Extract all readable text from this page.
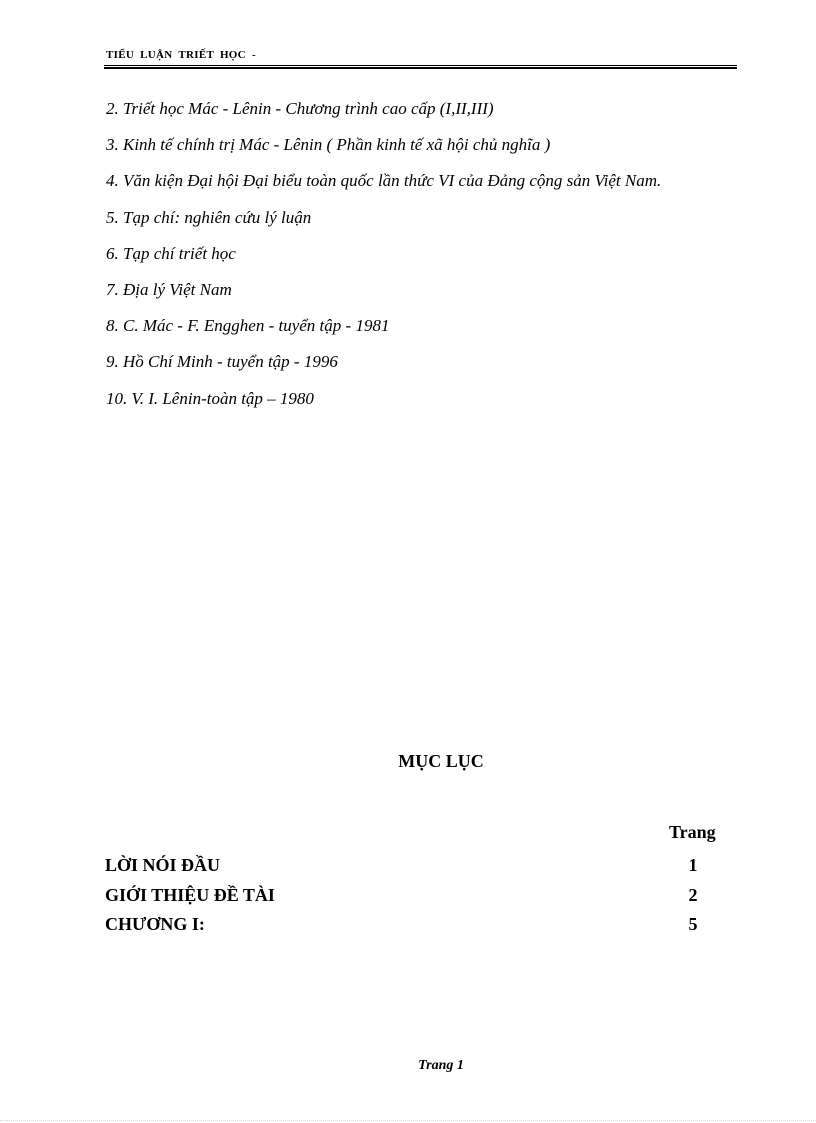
TIỂU LUẬN TRIẾT HỌC -
2. Triết học Mác - Lênin - Chương trình cao cấp (I,II,III)
3. Kinh tế chính trị Mác - Lênin ( Phần kinh tế xã hội chủ nghĩa )
4. Văn kiện Đại hội Đại biểu toàn quốc lần thức VI của Đảng cộng sản Việt Nam.
5. Tạp chí: nghiên cứu lý luận
6. Tạp chí triết học
7. Địa lý Việt Nam
8. C. Mác - F. Engghen - tuyển tập - 1981
9. Hồ Chí Minh - tuyển tập - 1996
10. V. I. Lênin-toàn tập – 1980
MỤC LỤC
Trang
LỜI NÓI ĐẦU	1
GIỚI THIỆU ĐỀ TÀI	2
CHƯƠNG I:	5
Trang 1
